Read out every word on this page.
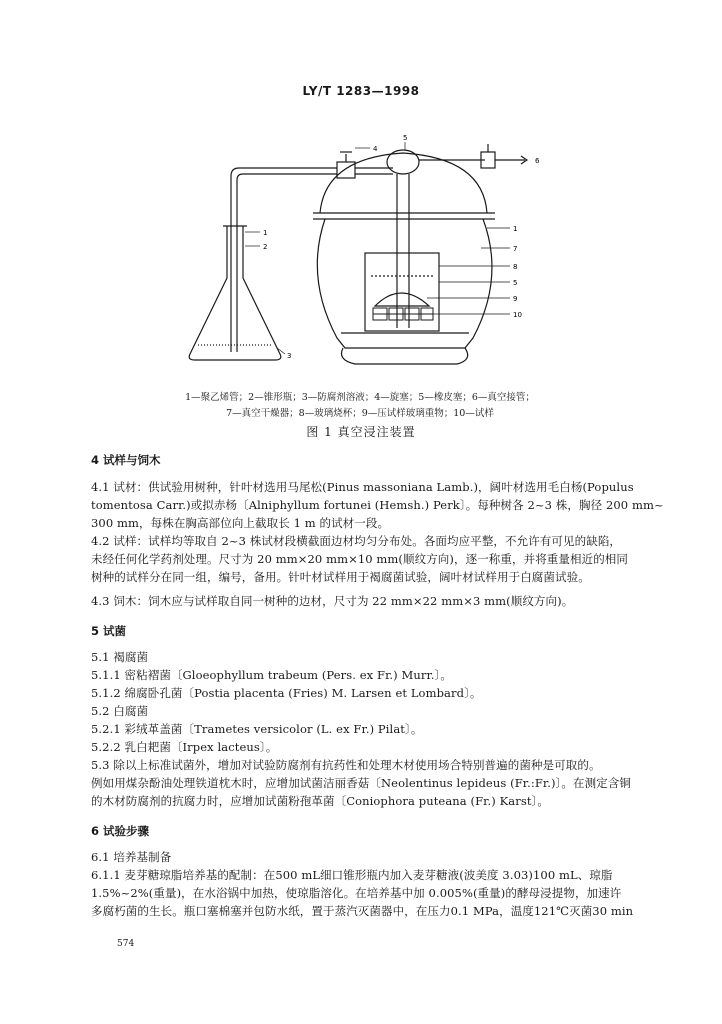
LY/T 1283—1998
1
2
3
4
5
6
1
7
8
5
9
10
1—聚乙烯管；2—锥形瓶；3—防腐剂溶液；4—旋塞；5—橡皮塞；6—真空接管；
7—真空干燥器；8—玻璃烧杯；9—压试样玻璃重物；10—试样
图 1 真空浸注装置
4 试样与饲木
4.1 试材：供试验用树种，针叶材选用马尾松(Pinus massoniana Lamb.)，阔叶材选用毛白杨(Populus
tomentosa Carr.)或拟赤杨〔Alniphyllum fortunei (Hemsh.) Perk〕。每种树各 2~3 株，胸径 200 mm~
300 mm，每株在胸高部位向上截取长 1 m 的试材一段。
4.2 试样：试样均等取自 2~3 株试材段横截面边材均匀分布处。各面均应平整，不允许有可见的缺陷，
未经任何化学药剂处理。尺寸为 20 mm×20 mm×10 mm(顺纹方向)，逐一称重，并将重量相近的相同
树种的试样分在同一组，编号，备用。针叶材试样用于褐腐菌试验，阔叶材试样用于白腐菌试验。
4.3 饲木：饲木应与试样取自同一树种的边材，尺寸为 22 mm×22 mm×3 mm(顺纹方向)。
5 试菌
5.1 褐腐菌
5.1.1 密粘褶菌〔Gloeophyllum trabeum (Pers. ex Fr.) Murr.〕。
5.1.2 绵腐卧孔菌〔Postia placenta (Fries) M. Larsen et Lombard〕。
5.2 白腐菌
5.2.1 彩绒革盖菌〔Trametes versicolor (L. ex Fr.) Pilat〕。
5.2.2 乳白耙菌〔Irpex lacteus〕。
5.3 除以上标准试菌外，增加对试验防腐剂有抗药性和处理木材使用场合特别普遍的菌种是可取的。
例如用煤杂酚油处理铁道枕木时，应增加试菌洁丽香菇〔Neolentinus lepideus (Fr.:Fr.)〕。在测定含铜
的木材防腐剂的抗腐力时，应增加试菌粉孢革菌〔Coniophora puteana (Fr.) Karst〕。
6 试验步骤
6.1 培养基制备
6.1.1 麦芽糖琼脂培养基的配制：在500 mL细口锥形瓶内加入麦芽糖液(波美度 3.03)100 mL、琼脂
1.5%~2%(重量)，在水浴锅中加热，使琼脂溶化。在培养基中加 0.005%(重量)的酵母浸提物，加速许
多腐朽菌的生长。瓶口塞棉塞并包防水纸，置于蒸汽灭菌器中，在压力0.1 MPa，温度121℃灭菌30 min
574
